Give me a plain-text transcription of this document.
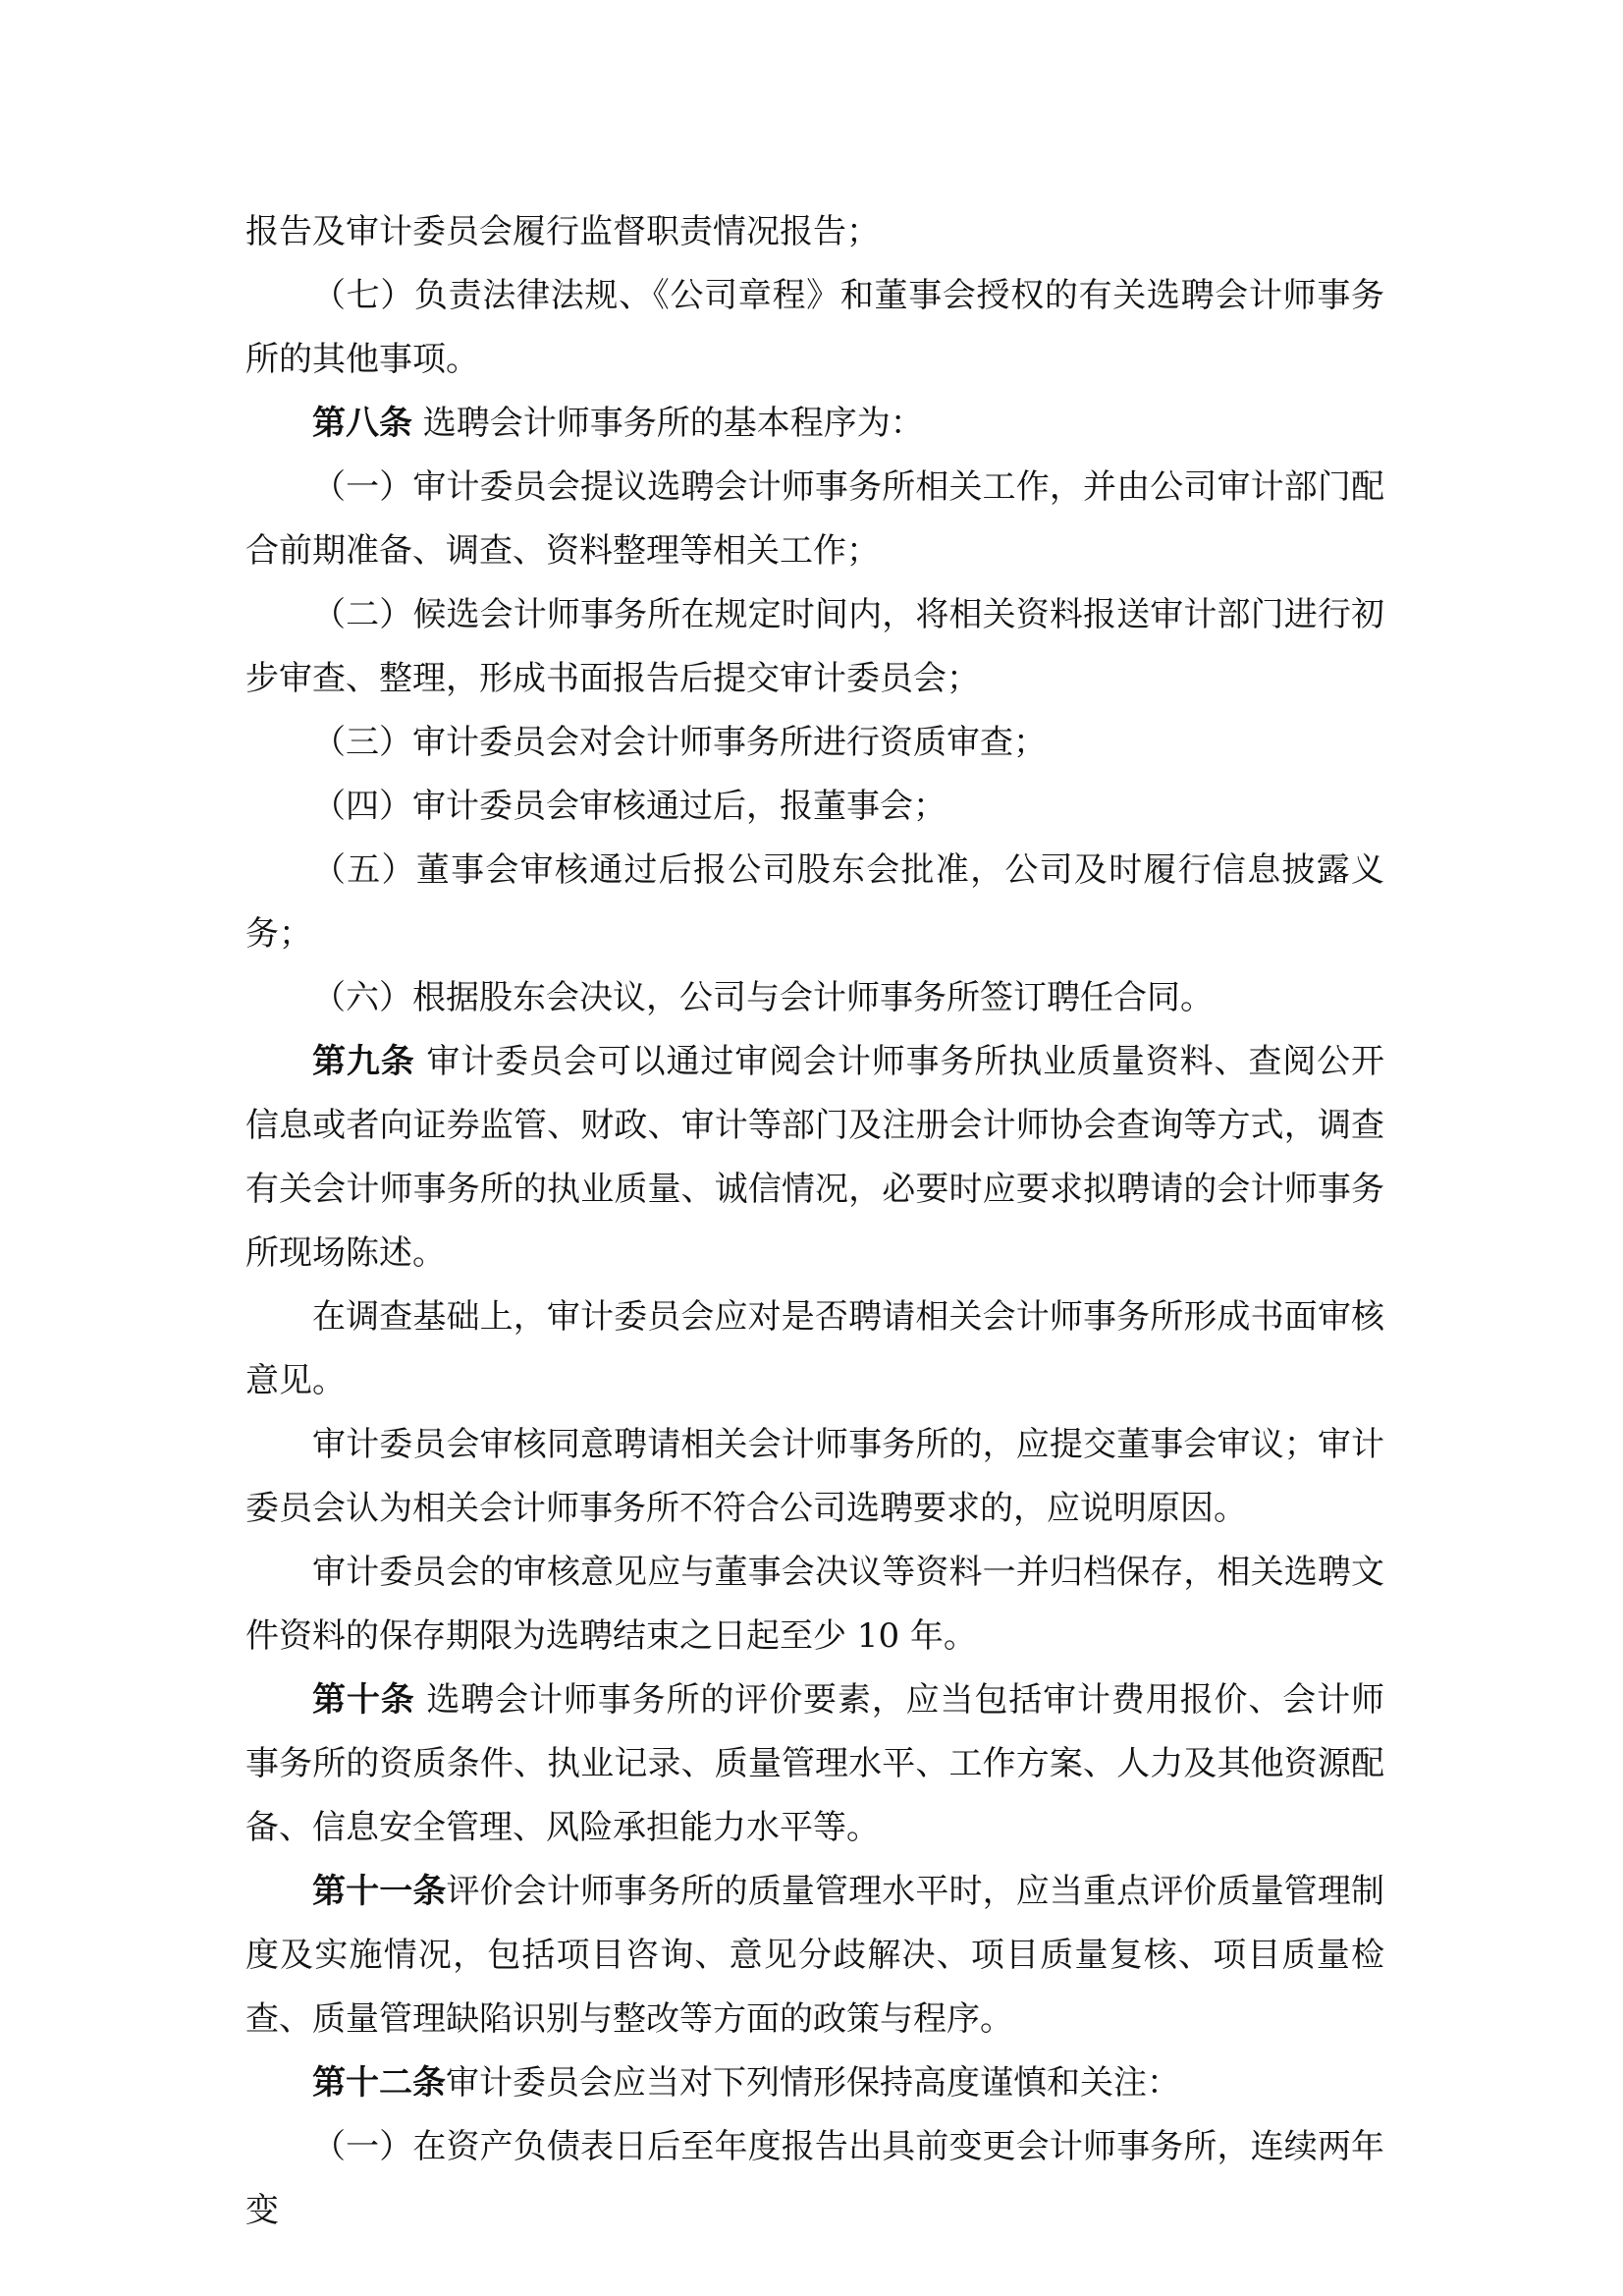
报告及审计委员会履行监督职责情况报告；

（七）负责法律法规、《公司章程》和董事会授权的有关选聘会计师事务所的其他事项。

第八条 选聘会计师事务所的基本程序为：

（一）审计委员会提议选聘会计师事务所相关工作，并由公司审计部门配合前期准备、调查、资料整理等相关工作；

（二）候选会计师事务所在规定时间内，将相关资料报送审计部门进行初步审查、整理，形成书面报告后提交审计委员会；

（三）审计委员会对会计师事务所进行资质审查；

（四）审计委员会审核通过后，报董事会；

（五）董事会审核通过后报公司股东会批准，公司及时履行信息披露义务；

（六）根据股东会决议，公司与会计师事务所签订聘任合同。

第九条 审计委员会可以通过审阅会计师事务所执业质量资料、查阅公开信息或者向证券监管、财政、审计等部门及注册会计师协会查询等方式，调查有关会计师事务所的执业质量、诚信情况，必要时应要求拟聘请的会计师事务所现场陈述。

在调查基础上，审计委员会应对是否聘请相关会计师事务所形成书面审核意见。

审计委员会审核同意聘请相关会计师事务所的，应提交董事会审议；审计委员会认为相关会计师事务所不符合公司选聘要求的，应说明原因。

审计委员会的审核意见应与董事会决议等资料一并归档保存，相关选聘文件资料的保存期限为选聘结束之日起至少 10 年。

第十条 选聘会计师事务所的评价要素，应当包括审计费用报价、会计师事务所的资质条件、执业记录、质量管理水平、工作方案、人力及其他资源配备、信息安全管理、风险承担能力水平等。

第十一条评价会计师事务所的质量管理水平时，应当重点评价质量管理制度及实施情况，包括项目咨询、意见分歧解决、项目质量复核、项目质量检查、质量管理缺陷识别与整改等方面的政策与程序。

第十二条审计委员会应当对下列情形保持高度谨慎和关注：

（一）在资产负债表日后至年度报告出具前变更会计师事务所，连续两年变
